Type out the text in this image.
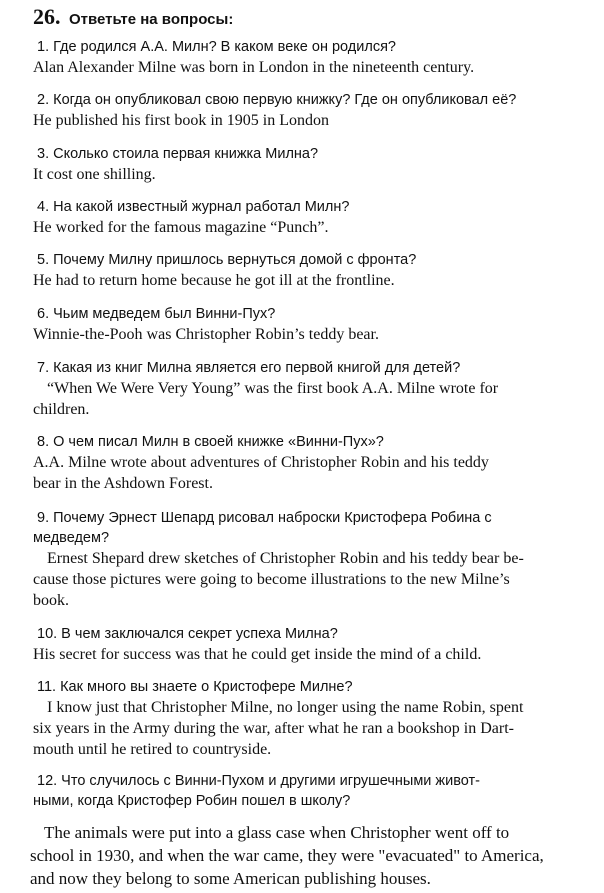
26. Ответьте на вопросы:
1. Где родился А.А. Милн? В каком веке он родился?
Alan Alexander Milne was born in London in the nineteenth century.
2. Когда он опубликовал свою первую книжку? Где он опубликовал её?
He published his first book in 1905 in London
3. Сколько стоила первая книжка Милна?
It cost one shilling.
4. На какой известный журнал работал Милн?
He worked for the famous magazine “Punch”.
5. Почему Милну пришлось вернуться домой с фронта?
He had to return home because he got ill at the frontline.
6. Чьим медведем был Винни-Пух?
Winnie-the-Pooh was Christopher Robin’s teddy bear.
7. Какая из книг Милна является его первой книгой для детей?
“When We Were Very Young” was the first book A.A. Milne wrote for
children.
8. О чем писал Милн в своей книжке «Винни-Пух»?
A.A. Milne wrote about adventures of Christopher Robin and his teddy
bear in the Ashdown Forest.
9. Почему Эрнест Шепард рисовал наброски Кристофера Робина с
медведем?
Ernest Shepard drew sketches of Christopher Robin and his teddy bear be-
cause those pictures were going to become illustrations to the new Milne’s
book.
10. В чем заключался секрет успеха Милна?
His secret for success was that he could get inside the mind of a child.
11. Как много вы знаете о Кристофере Милне?
I know just that Christopher Milne, no longer using the name Robin, spent
six years in the Army during the war, after what he ran a bookshop in Dart-
mouth until he retired to countryside.
12. Что случилось с Винни-Пухом и другими игрушечными живот-
ными, когда Кристофер Робин пошел в школу?
The animals were put into a glass case when Christopher went off to
school in 1930, and when the war came, they were "evacuated" to America,
and now they belong to some American publishing houses.
